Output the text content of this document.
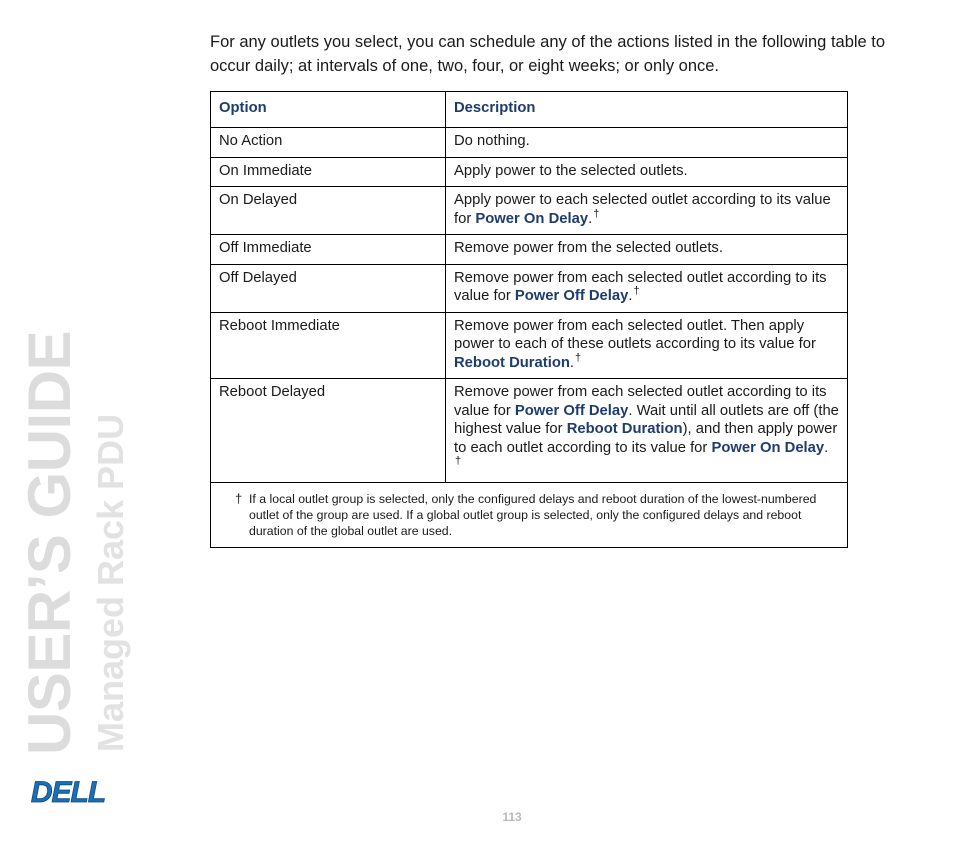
For any outlets you select, you can schedule any of the actions listed in the following table to occur daily; at intervals of one, two, four, or eight weeks; or only once.

Option	Description
No Action	Do nothing.
On Immediate	Apply power to the selected outlets.
On Delayed	Apply power to each selected outlet according to its value for Power On Delay.†
Off Immediate	Remove power from the selected outlets.
Off Delayed	Remove power from each selected outlet according to its value for Power Off Delay.†
Reboot Immediate	Remove power from each selected outlet. Then apply power to each of these outlets according to its value for Reboot Duration.†
Reboot Delayed	Remove power from each selected outlet according to its value for Power Off Delay. Wait until all outlets are off (the highest value for Reboot Duration), and then apply power to each outlet according to its value for Power On Delay. †

† If a local outlet group is selected, only the configured delays and reboot duration of the lowest-numbered outlet of the group are used. If a global outlet group is selected, only the configured delays and reboot duration of the global outlet are used.	
USER’S GUIDE Managed Rack PDU
DELL
113
